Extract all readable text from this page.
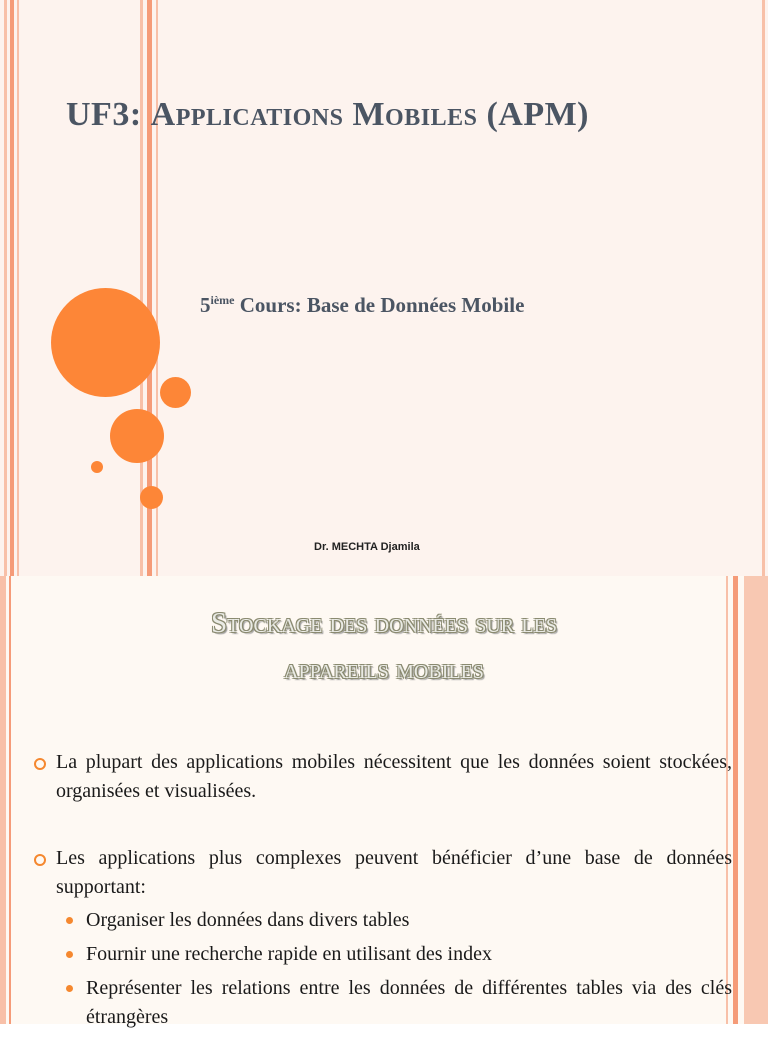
UF3: Applications Mobiles (APM)

5ième Cours: Base de Données Mobile

Dr. MECHTA Djamila
Stockage des données sur les
appareils mobiles
La plupart des applications mobiles nécessitent que les données soient stockées, organisées et visualisées.
Les applications plus complexes peuvent bénéficier d’une base de données supportant:
Organiser les données dans divers tables
Fournir une recherche rapide en utilisant des index
Représenter les relations entre les données de différentes tables via des clés étrangères
